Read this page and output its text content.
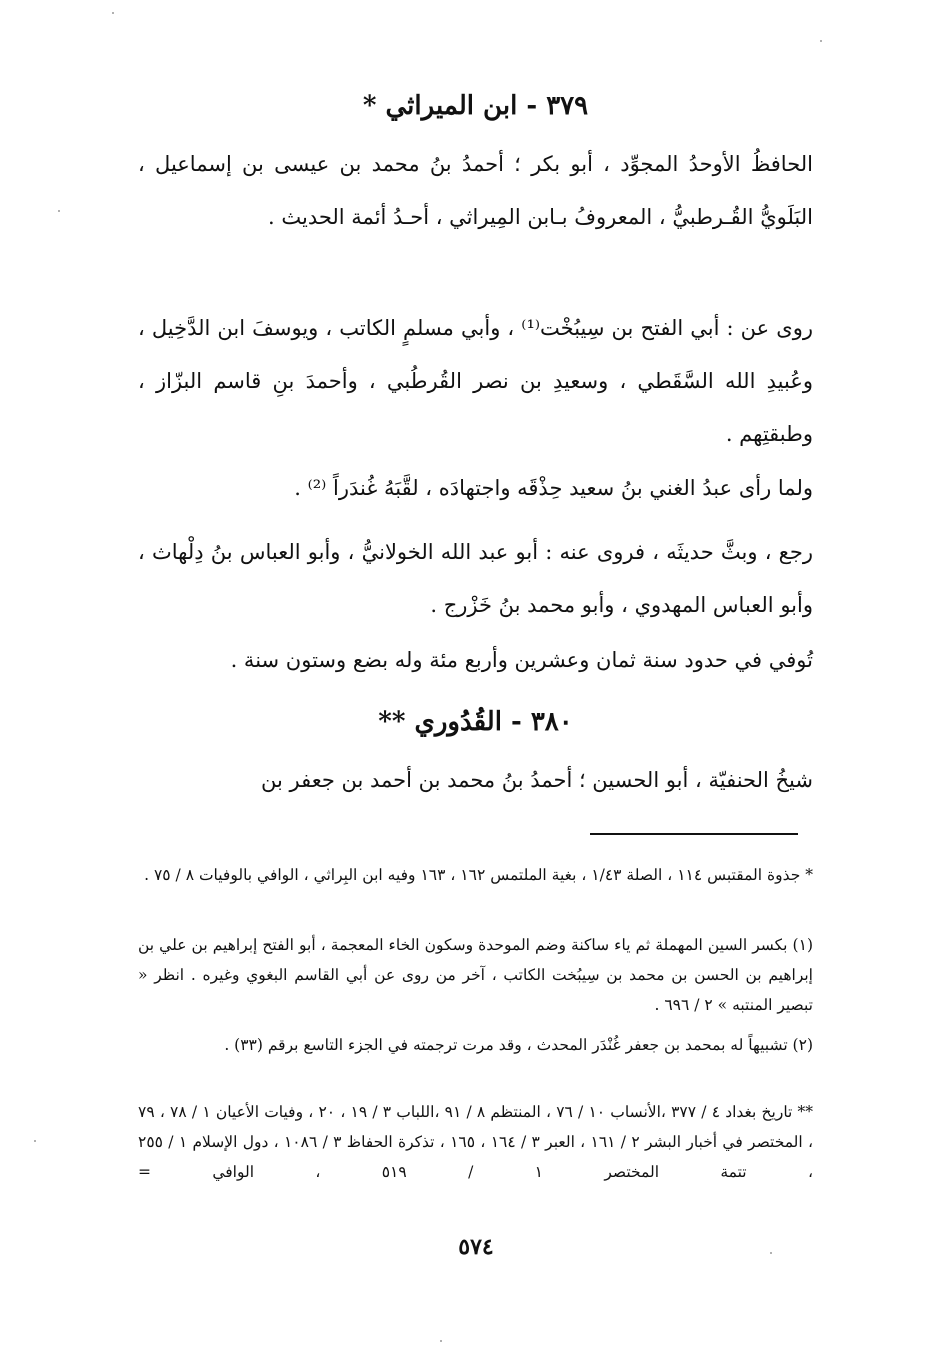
٣٧٩ - ابن الميراثي *
الحافظُ الأوحدُ المجوِّد ، أبو بكر ؛ أحمدُ بنُ محمد بن عيسى بن إسماعيل ، البَلَويُّ القُـرطبيُّ ، المعروفُ بـابن المِيراثي ، أحـدُ أئمة الحديث .
روى عن : أبي الفتح بن سِيبُخْت⁽¹⁾ ، وأبي مسلمٍ الكاتب ، ويوسفَ ابن الدَّخِيل ، وعُبيدِ الله السَّقَطي ، وسعيدِ بن نصر القُرطُبي ، وأحمدَ بنِ قاسم البزّاز ، وطبقتِهم .
ولما رأى عبدُ الغني بنُ سعيد حِذْقَه واجتهادَه ، لقَّبَهُ غُندَراً ⁽²⁾ .
رجع ، وبثَّ حديثَه ، فروى عنه : أبو عبد الله الخولانيُّ ، وأبو العباس بنُ دِلْهاث ، وأبو العباس المهدوي ، وأبو محمد بنُ خَزْرج .
تُوفي في حدود سنة ثمان وعشرين وأربع مئة وله بضع وستون سنة .
٣٨٠ - القُدُوري **
شيخُ الحنفيّة ، أبو الحسين ؛ أحمدُ بنُ محمد بن أحمد بن جعفر بن
* جذوة المقتبس ١١٤ ، الصلة ١/٤٣ ، بغية الملتمس ١٦٢ ، ١٦٣ وفيه ابن البِراثي ، الوافي بالوفيات ٨ / ٧٥ .
(١) بكسر السين المهملة ثم ياء ساكنة وضم الموحدة وسكون الخاء المعجمة ، أبو الفتح إبراهيم بن علي بن إبراهيم بن الحسن بن محمد بن سِيبُخت الكاتب ، آخر من روى عن أبي القاسم البغوي وغيره . انظر « تبصير المنتبه » ٢ / ٦٩٦ .
(٢) تشبيهاً له بمحمد بن جعفر غُنْدَر المحدث ، وقد مرت ترجمته في الجزء التاسع برقم (٣٣) .
** تاريخ بغداد ٤ / ٣٧٧ ،الأنساب ١٠ / ٧٦ ، المنتظم ٨ / ٩١ ،اللباب ٣ / ١٩ ، ٢٠ ، وفيات الأعيان ١ / ٧٨ ، ٧٩ ، المختصر في أخبار البشر ٢ / ١٦١ ، العبر ٣ / ١٦٤ ، ١٦٥ ، تذكرة الحفاظ ٣ / ١٠٨٦ ، دول الإسلام ١ / ٢٥٥ ، تتمة المختصر ١ / ٥١٩ ، الوافي =
٥٧٤
